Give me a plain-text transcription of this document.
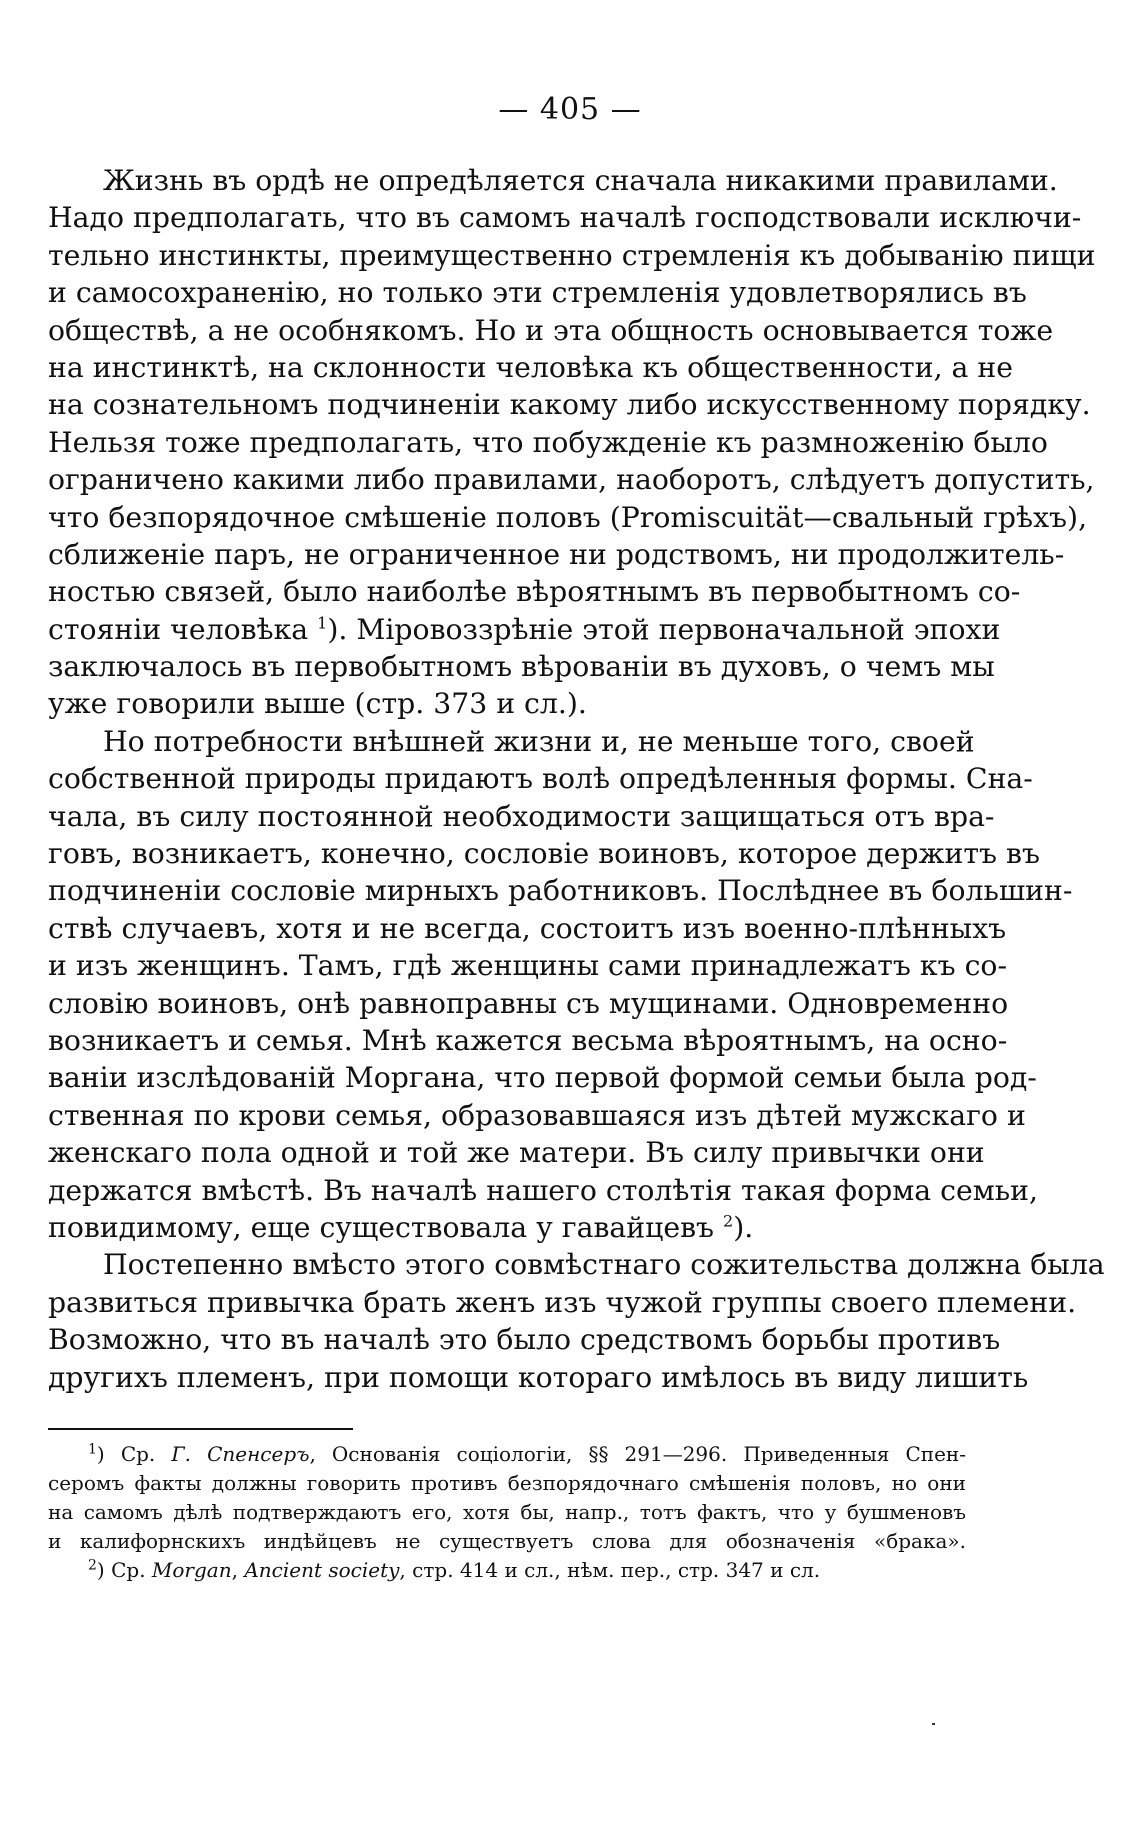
— 405 —
Жизнь въ ордѣ не опредѣляется сначала никакими правилами.
Надо предполагать, что въ самомъ началѣ господствовали исключи-
тельно инстинкты, преимущественно стремленія къ добыванію пищи
и самосохраненію, но только эти стремленія удовлетворялись въ
обществѣ, а не особнякомъ. Но и эта общность основывается тоже
на инстинктѣ, на склонности человѣка къ общественности, а не
на сознательномъ подчиненіи какому либо искусственному порядку.
Нельзя тоже предполагать, что побужденіе къ размноженію было
ограничено какими либо правилами, наоборотъ, слѣдуетъ допустить,
что безпорядочное смѣшеніе половъ (Promiscuität—свальный грѣхъ),
сближеніе паръ, не ограниченное ни родствомъ, ни продолжитель-
ностью связей, было наиболѣе вѣроятнымъ въ первобытномъ со-
стояніи человѣка $^1$). Міровоззрѣніе этой первоначальной эпохи
заключалось въ первобытномъ вѣрованіи въ духовъ, о чемъ мы
уже говорили выше (стр. 373 и сл.).
Но потребности внѣшней жизни и, не меньше того, своей
собственной природы придаютъ волѣ опредѣленныя формы. Сна-
чала, въ силу постоянной необходимости защищаться отъ вра-
говъ, возникаетъ, конечно, сословіе воиновъ, которое держитъ въ
подчиненіи сословіе мирныхъ работниковъ. Послѣднее въ большин-
ствѣ случаевъ, хотя и не всегда, состоитъ изъ военно-плѣнныхъ
и изъ женщинъ. Тамъ, гдѣ женщины сами принадлежатъ къ со-
словію воиновъ, онѣ равноправны съ мущинами. Одновременно
возникаетъ и семья. Мнѣ кажется весьма вѣроятнымъ, на осно-
ваніи изслѣдованій Моргана, что первой формой семьи была род-
ственная по крови семья, образовавшаяся изъ дѣтей мужскаго и
женскаго пола одной и той же матери. Въ силу привычки они
держатся вмѣстѣ. Въ началѣ нашего столѣтія такая форма семьи,
повидимому, еще существовала у гавайцевъ $^2$).
Постепенно вмѣсто этого совмѣстнаго сожительства должна была
развиться привычка брать женъ изъ чужой группы своего племени.
Возможно, что въ началѣ это было средствомъ борьбы противъ
другихъ племенъ, при помощи котораго имѣлось въ виду лишить
$^1$) Ср. Г. Спенсеръ, Основанія соціологіи, §§ 291—296. Приведенныя Спен-
серомъ факты должны говорить противъ безпорядочнаго смѣшенія половъ, но они
на самомъ дѣлѣ подтверждаютъ его, хотя бы, напр., тотъ фактъ, что у бушменовъ
и калифорнскихъ индѣйцевъ не существуетъ слова для обозначенія «брака».
$^2$) Ср. Morgan, Ancient society, стр. 414 и сл., нѣм. пер., стр. 347 и сл.
